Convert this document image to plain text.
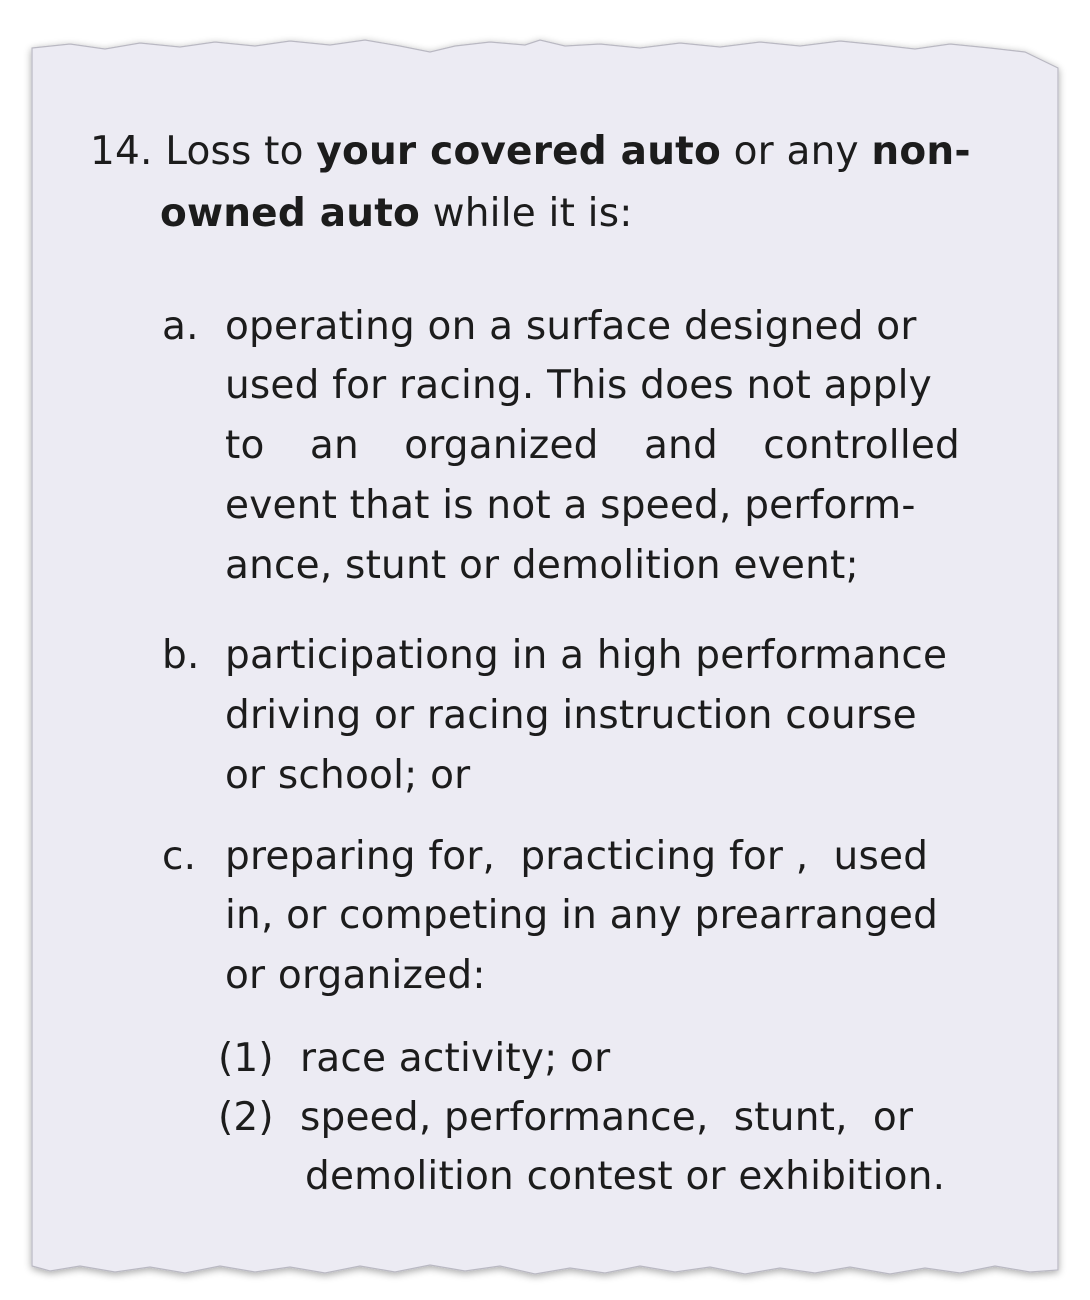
14. Loss to your covered auto or any non-
owned auto while it is:
a. operating on a surface designed or
used for racing. This does not apply
to an organized and controlled
event that is not a speed, perform-
ance, stunt or demolition event;
b. participationg in a high performance
driving or racing instruction course
or school; or
c. preparing for,  practicing for ,  used
in, or competing in any prearranged
or organized:
(1) race activity; or
(2) speed, performance,  stunt,  or
demolition contest or exhibition.
